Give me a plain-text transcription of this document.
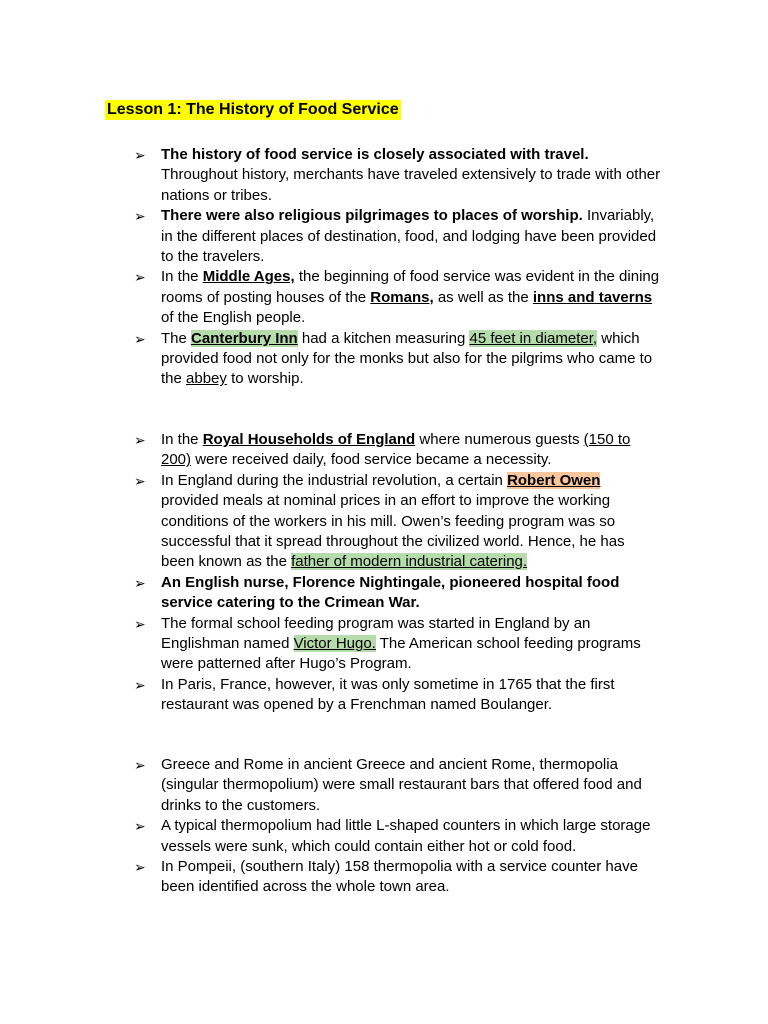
Lesson 1: The History of Food Service
➢ The history of food service is closely associated with travel. Throughout history, merchants have traveled extensively to trade with other nations or tribes.
➢ There were also religious pilgrimages to places of worship. Invariably, in the different places of destination, food, and lodging have been provided to the travelers.
➢ In the Middle Ages, the beginning of food service was evident in the dining rooms of posting houses of the Romans, as well as the inns and taverns of the English people.
➢ The Canterbury Inn had a kitchen measuring 45 feet in diameter, which provided food not only for the monks but also for the pilgrims who came to the abbey to worship.
➢ In the Royal Households of England where numerous guests (150 to 200) were received daily, food service became a necessity.
➢ In England during the industrial revolution, a certain Robert Owen provided meals at nominal prices in an effort to improve the working conditions of the workers in his mill. Owen’s feeding program was so successful that it spread throughout the civilized world. Hence, he has been known as the father of modern industrial catering.
➢ An English nurse, Florence Nightingale, pioneered hospital food service catering to the Crimean War.
➢ The formal school feeding program was started in England by an Englishman named Victor Hugo. The American school feeding programs were patterned after Hugo’s Program.
➢ In Paris, France, however, it was only sometime in 1765 that the first restaurant was opened by a Frenchman named Boulanger.
➢ Greece and Rome in ancient Greece and ancient Rome, thermopolia (singular thermopolium) were small restaurant bars that offered food and drinks to the customers.
➢ A typical thermopolium had little L-shaped counters in which large storage vessels were sunk, which could contain either hot or cold food.
➢ In Pompeii, (southern Italy) 158 thermopolia with a service counter have been identified across the whole town area.
